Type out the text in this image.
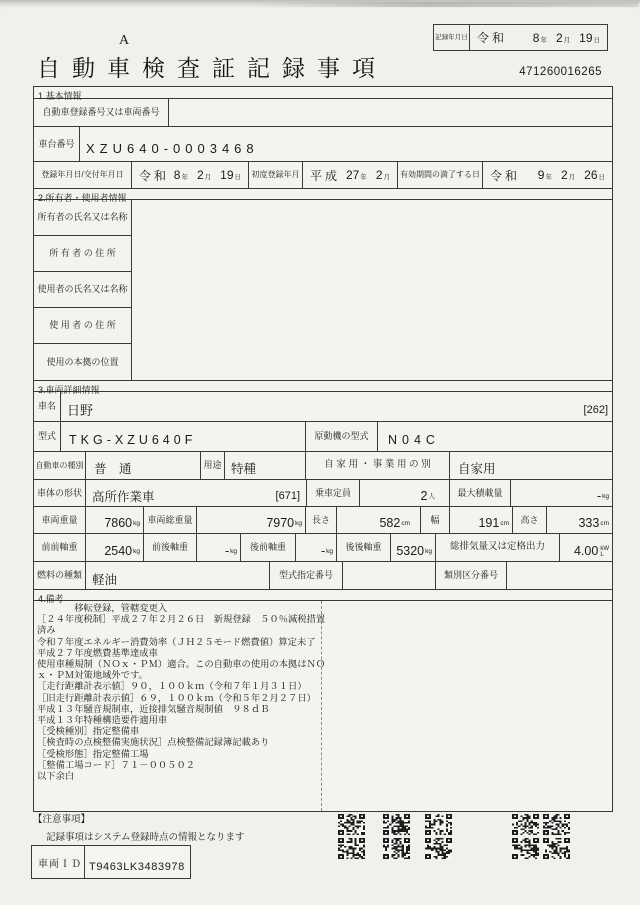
A
自動車検査証記録事項	471260016265
記録年月日 令和 8 年 2 月 19 日
1.基本情報
自動車登録番号又は車両番号
車台番号 XZU640-0003468
登録年月日/交付年月日	令和 8 年 2 月 19 日	初度登録年月 平成 27 年 2 月 有効期間の満了する日 令和 9 年 2 月 26 日
2.所有者・使用者情報
所有者の氏名又は名称
所 有 者 の 住 所
使用者の氏名又は名称
使 用 者 の 住 所
使用の本拠の位置
3.車両詳細情報
車名 日野	[262]
型式	TKG-XZU640F	原動機の型式	N04C
自動車の種別 普　通	用途 特種	自 家 用 ・ 事 業 用 の 別	自家用
車体の形状 高所作業車	[671]	乗車定員	2 人	最大積載量	- kg
車両重量	7860 kg 車両総重量	7970 kg	長さ	582 cm	幅	191 cm	高さ	333 cm
前前軸重	2540 kg	前後軸重	- kg	後前軸重	- kg	後後軸重	5320 kg	総排気量又は定格出力	4.00 kW
L
燃料の種類 軽油	型式指定番号	類別区分番号
4.備考
　　　　移転登録，管轄変更入
［２４年度税制］平成２７年２月２６日　新規登録　５０％減税措置
済み
令和７年度エネルギー消費効率（ＪＨ２５モード燃費値）算定未了
平成２７年度燃費基準達成車
使用車種規制（ＮＯｘ・ＰＭ）適合。この自動車の使用の本拠はＮＯ
ｘ・ＰＭ対策地域外です。
［走行距離計表示値］９０，１００ｋｍ（令和７年１月３１日）
［旧走行距離計表示値］６９，１００ｋｍ（令和５年２月２７日）
平成１３年騒音規制車，近接排気騒音規制値　９８ｄＢ
平成１３年特種構造要件適用車
［受検種別］指定整備車
［検査時の点検整備実施状況］点検整備記録簿記載あり
［受検形態］指定整備工場
［整備工場コード］７１－００５０２
以下余白
【注意事項】
記録事項はシステム登録時点の情報となります
車両ＩＤ T9463LK3483978
